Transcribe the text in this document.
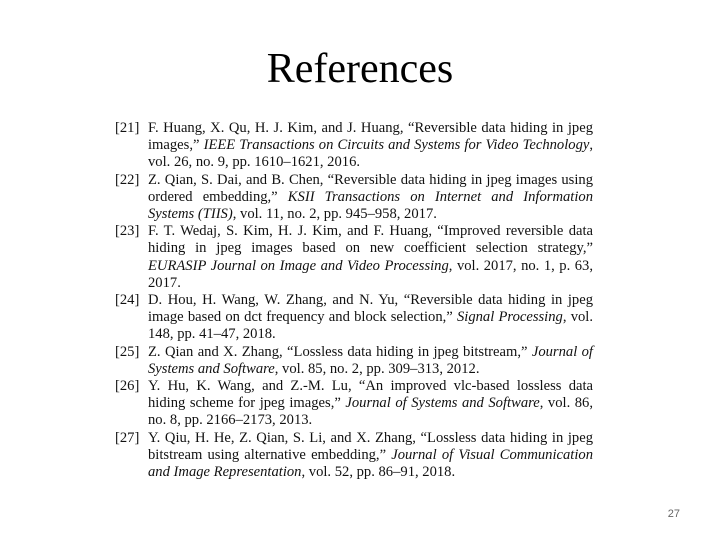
References
[21] F. Huang, X. Qu, H. J. Kim, and J. Huang, “Reversible data hiding in jpeg images,” IEEE Transactions on Circuits and Systems for Video Technology, vol. 26, no. 9, pp. 1610–1621, 2016.
[22] Z. Qian, S. Dai, and B. Chen, “Reversible data hiding in jpeg images using ordered embedding,” KSII Transactions on Internet and Information Systems (TIIS), vol. 11, no. 2, pp. 945–958, 2017.
[23] F. T. Wedaj, S. Kim, H. J. Kim, and F. Huang, “Improved reversible data hiding in jpeg images based on new coefficient selection strategy,” EURASIP Journal on Image and Video Processing, vol. 2017, no. 1, p. 63, 2017.
[24] D. Hou, H. Wang, W. Zhang, and N. Yu, “Reversible data hiding in jpeg image based on dct frequency and block selection,” Signal Processing, vol. 148, pp. 41–47, 2018.
[25] Z. Qian and X. Zhang, “Lossless data hiding in jpeg bitstream,” Journal of Systems and Software, vol. 85, no. 2, pp. 309–313, 2012.
[26] Y. Hu, K. Wang, and Z.-M. Lu, “An improved vlc-based lossless data hiding scheme for jpeg images,” Journal of Systems and Software, vol. 86, no. 8, pp. 2166–2173, 2013.
[27] Y. Qiu, H. He, Z. Qian, S. Li, and X. Zhang, “Lossless data hiding in jpeg bitstream using alternative embedding,” Journal of Visual Communication and Image Representation, vol. 52, pp. 86–91, 2018.
27
